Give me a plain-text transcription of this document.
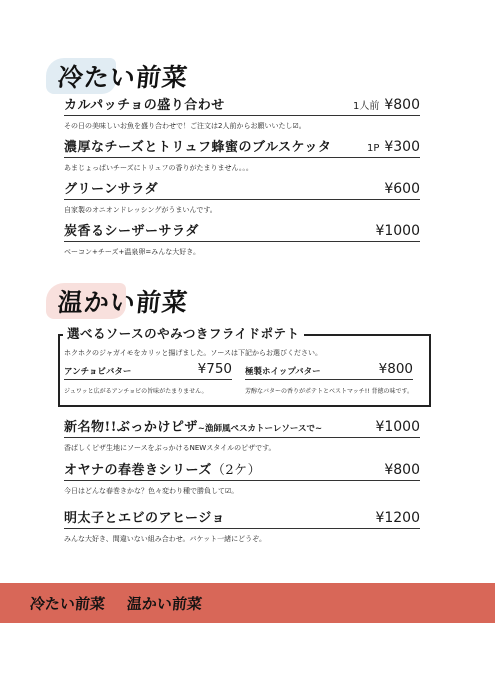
冷たい前菜
カルパッチョの盛り合わせ	1人前 ¥800
その日の美味しいお魚を盛り合わせで！ご注文は2人前からお願いいたし☑。
濃厚なチーズとトリュフ蜂蜜のブルスケッタ	1P ¥300
あまじょっぱいチーズにトリュフの香りがたまりません。。。
グリーンサラダ	¥600
自家製のオニオンドレッシングがうまいんです。
炭香るシーザーサラダ	¥1000
ベーコン+チーズ+温泉卵=みんな大好き。
温かい前菜
選べるソースのやみつきフライドポテト
ホクホクのジャガイモをカリッと揚げました。ソースは下記からお選びください。
アンチョビバター	¥750
ジュワッと広がるアンチョビの旨味がたまりません。
極製ホイップバター	¥800
芳醇なバターの香りがポテトとベストマッチ!! 背徳の味です。
新名物!!ぶっかけピザ~漁師風ペスカトーレソースで~	¥1000
香ばしくピザ生地にソースをぶっかけるNEWスタイルのピザです。
オヤナの春巻きシリーズ（2ケ）	¥800
今日はどんな春巻きかな？色々変わり種で勝負して☑。
明太子とエビのアヒージョ	¥1200
みんな大好き、間違いない組み合わせ。バケット一緒にどうぞ。
冷たい前菜 温かい前菜
